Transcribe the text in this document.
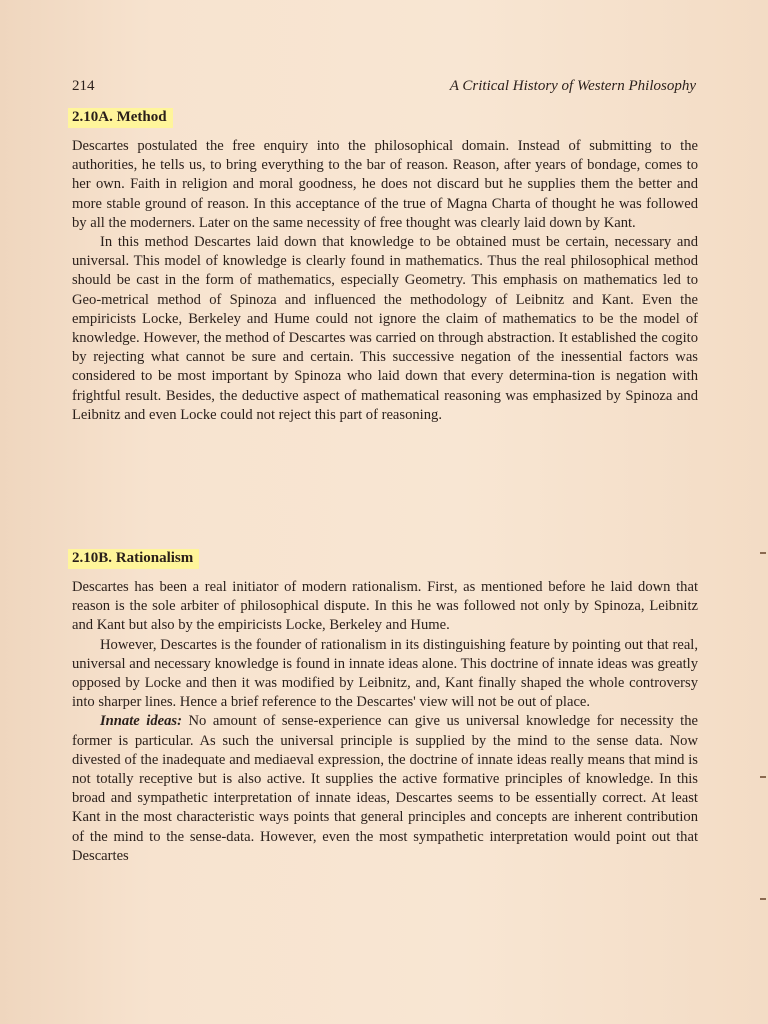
214	A Critical History of Western Philosophy
2.10A. Method

Descartes postulated the free enquiry into the philosophical domain. Instead of submitting to the authorities, he tells us, to bring everything to the bar of reason. Reason, after years of bondage, comes to her own. Faith in religion and moral goodness, he does not discard but he supplies them the better and more stable ground of reason. In this acceptance of the true of Magna Charta of thought he was followed by all the moderners. Later on the same necessity of free thought was clearly laid down by Kant.

In this method Descartes laid down that knowledge to be obtained must be certain, necessary and universal. This model of knowledge is clearly found in mathematics. Thus the real philosophical method should be cast in the form of mathematics, especially Geometry. This emphasis on mathematics led to Geo-metrical method of Spinoza and influenced the methodology of Leibnitz and Kant. Even the empiricists Locke, Berkeley and Hume could not ignore the claim of mathematics to be the model of knowledge. However, the method of Descartes was carried on through abstraction. It established the cogito by rejecting what cannot be sure and certain. This successive negation of the inessential factors was considered to be most important by Spinoza who laid down that every determina-tion is negation with frightful result. Besides, the deductive aspect of mathematical reasoning was emphasized by Spinoza and Leibnitz and even Locke could not reject this part of reasoning.

2.10B. Rationalism

Descartes has been a real initiator of modern rationalism. First, as mentioned before he laid down that reason is the sole arbiter of philosophical dispute. In this he was followed not only by Spinoza, Leibnitz and Kant but also by the empiricists Locke, Berkeley and Hume.

However, Descartes is the founder of rationalism in its distinguishing feature by pointing out that real, universal and necessary knowledge is found in innate ideas alone. This doctrine of innate ideas was greatly opposed by Locke and then it was modified by Leibnitz, and, Kant finally shaped the whole controversy into sharper lines. Hence a brief reference to the Descartes' view will not be out of place.

Innate ideas: No amount of sense-experience can give us universal knowledge for necessity the former is particular. As such the universal principle is supplied by the mind to the sense data. Now divested of the inadequate and mediaeval expression, the doctrine of innate ideas really means that mind is not totally receptive but is also active. It supplies the active formative principles of knowledge. In this broad and sympathetic interpretation of innate ideas, Descartes seems to be essentially correct. At least Kant in the most characteristic ways points that general principles and concepts are inherent contribution of the mind to the sense-data. However, even the most sympathetic interpretation would point out that Descartes
